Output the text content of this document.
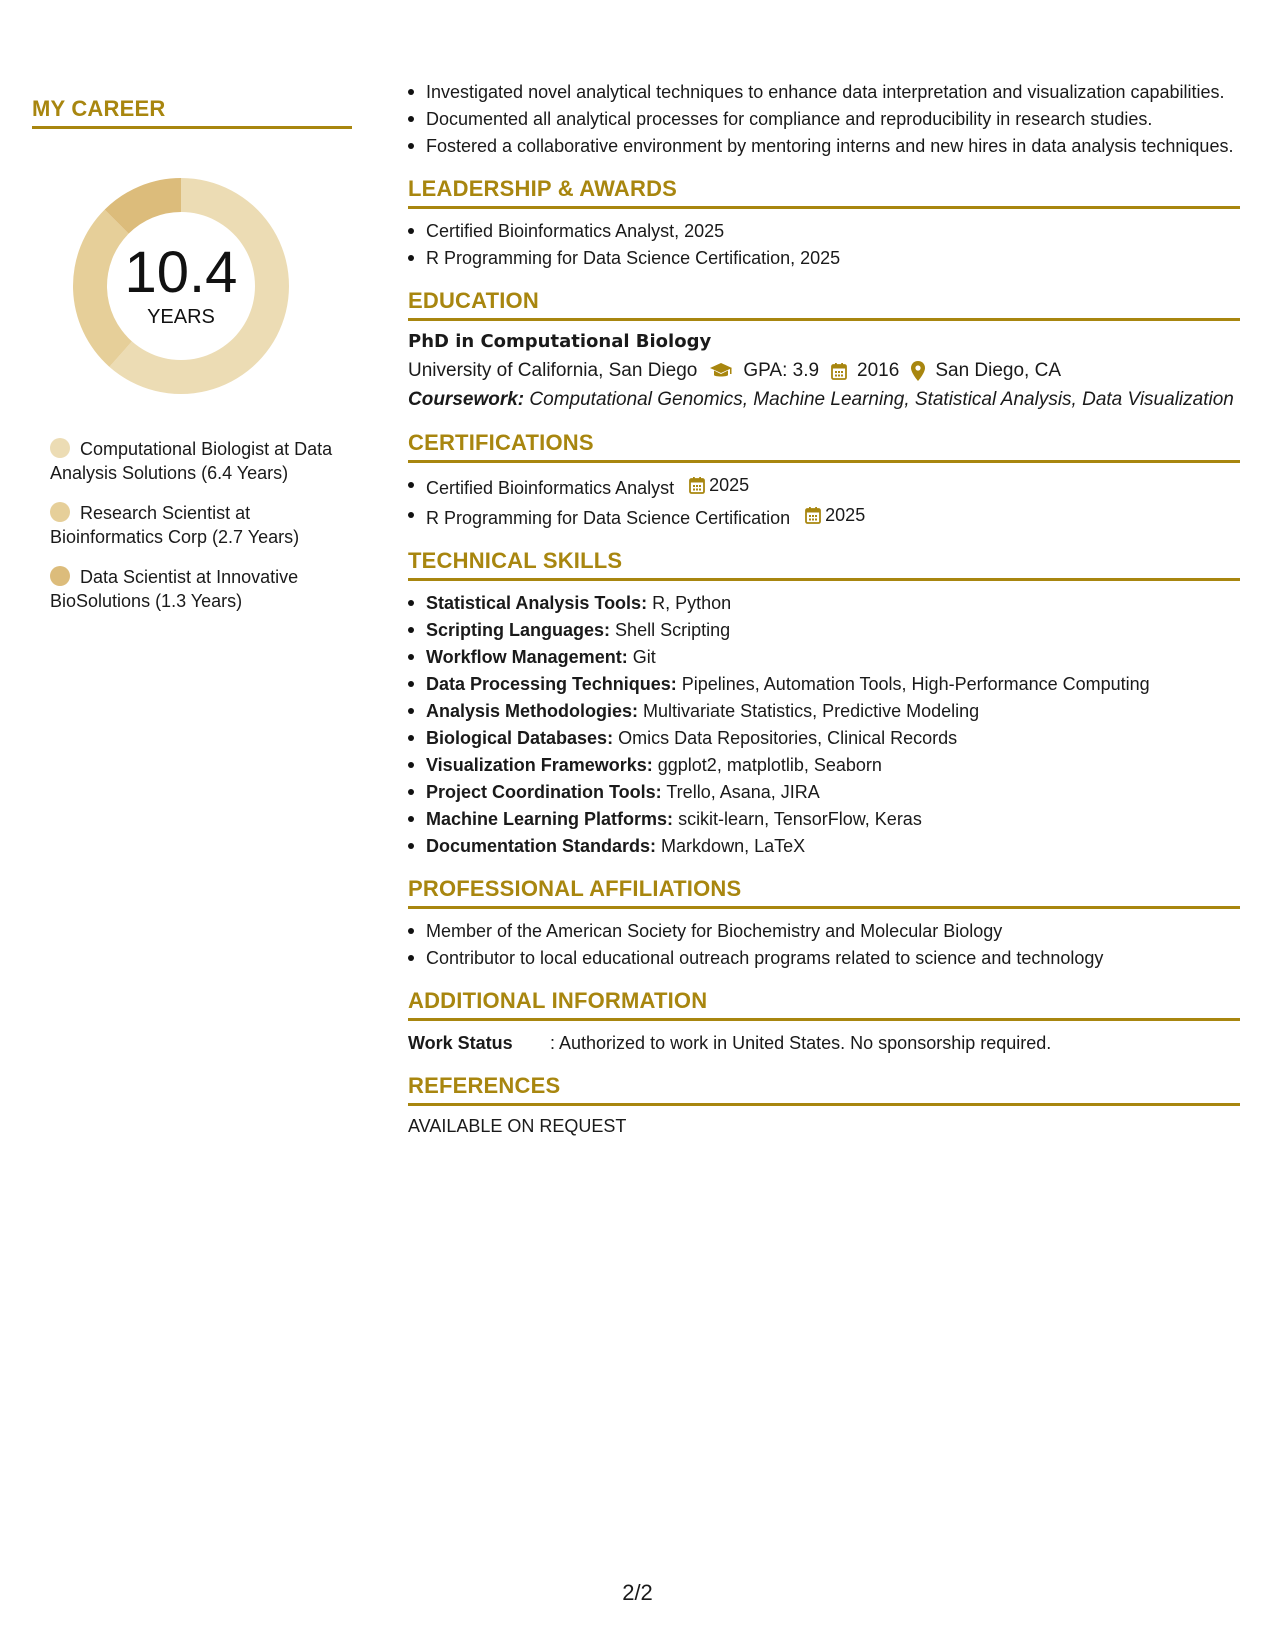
MY CAREER
10.4
YEARS
Computational Biologist at Data Analysis Solutions (6.4 Years)
Research Scientist at Bioinformatics Corp (2.7 Years)
Data Scientist at Innovative BioSolutions (1.3 Years)
Investigated novel analytical techniques to enhance data interpretation and visualization capabilities.
Documented all analytical processes for compliance and reproducibility in research studies.
Fostered a collaborative environment by mentoring interns and new hires in data analysis techniques.
LEADERSHIP & AWARDS
Certified Bioinformatics Analyst, 2025
R Programming for Data Science Certification, 2025
EDUCATION
PhD in Computational Biology
University of California, San Diego GPA: 3.9 2016 San Diego, CA
Coursework: Computational Genomics, Machine Learning, Statistical Analysis, Data Visualization
CERTIFICATIONS
Certified Bioinformatics Analyst 2025
R Programming for Data Science Certification 2025
TECHNICAL SKILLS
Statistical Analysis Tools: R, Python
Scripting Languages: Shell Scripting
Workflow Management: Git
Data Processing Techniques: Pipelines, Automation Tools, High-Performance Computing
Analysis Methodologies: Multivariate Statistics, Predictive Modeling
Biological Databases: Omics Data Repositories, Clinical Records
Visualization Frameworks: ggplot2, matplotlib, Seaborn
Project Coordination Tools: Trello, Asana, JIRA
Machine Learning Platforms: scikit-learn, TensorFlow, Keras
Documentation Standards: Markdown, LaTeX
PROFESSIONAL AFFILIATIONS
Member of the American Society for Biochemistry and Molecular Biology
Contributor to local educational outreach programs related to science and technology
ADDITIONAL INFORMATION
Work Status	: Authorized to work in United States. No sponsorship required.
REFERENCES
AVAILABLE ON REQUEST
2/2
